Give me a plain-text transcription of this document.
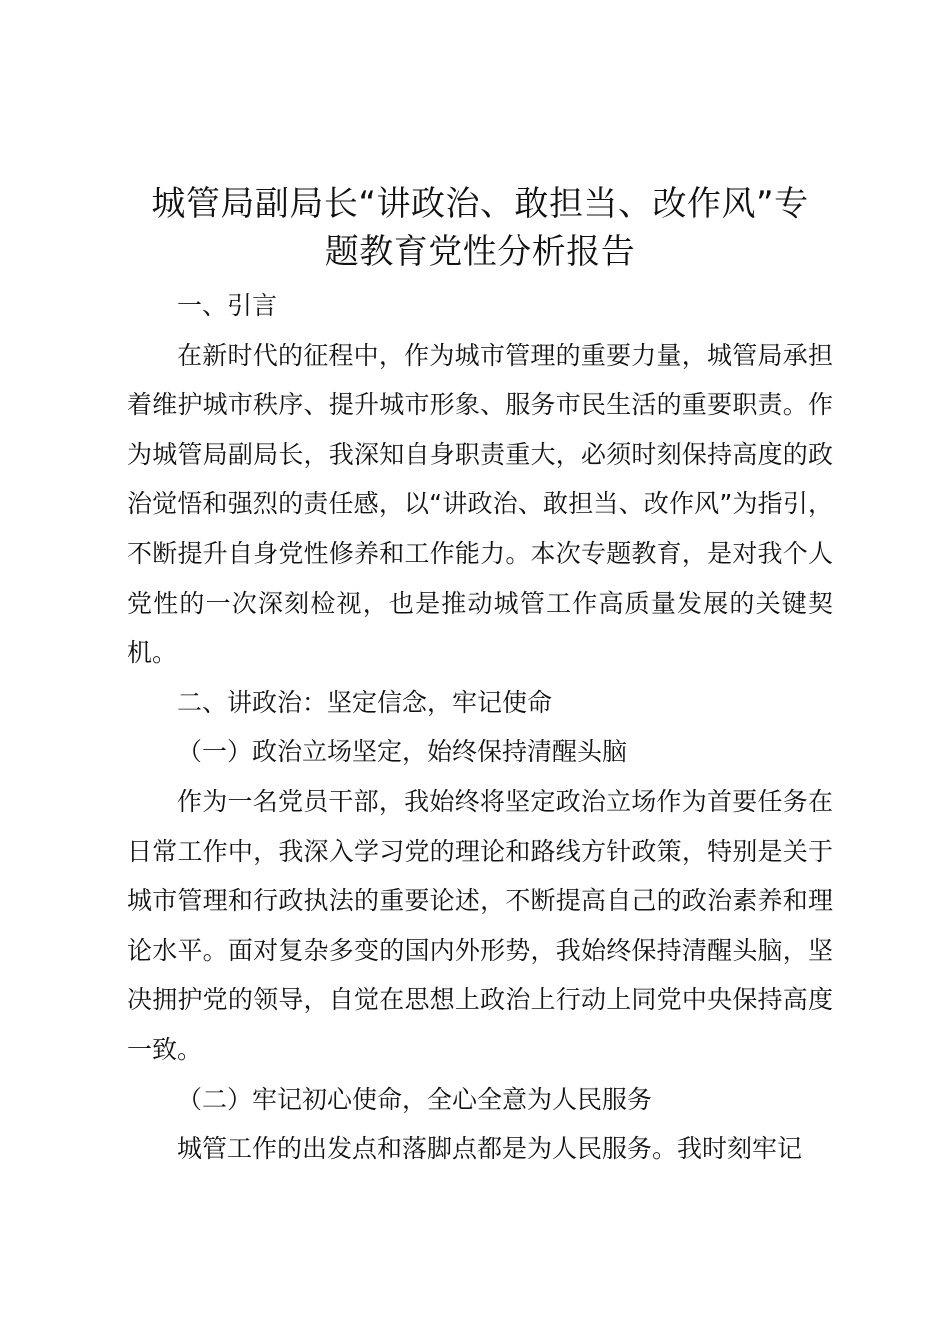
城管局副局长“讲政治、敢担当、改作风”专
题教育党性分析报告

一、引言

在新时代的征程中，作为城市管理的重要力量，城管局承担着维护城市秩序、提升城市形象、服务市民生活的重要职责。作为城管局副局长，我深知自身职责重大，必须时刻保持高度的政治觉悟和强烈的责任感，以“讲政治、敢担当、改作风”为指引，不断提升自身党性修养和工作能力。本次专题教育，是对我个人党性的一次深刻检视，也是推动城管工作高质量发展的关键契机。

二、讲政治：坚定信念，牢记使命

（一）政治立场坚定，始终保持清醒头脑

作为一名党员干部，我始终将坚定政治立场作为首要任务在日常工作中，我深入学习党的理论和路线方针政策，特别是关于城市管理和行政执法的重要论述，不断提高自己的政治素养和理论水平。面对复杂多变的国内外形势，我始终保持清醒头脑，坚决拥护党的领导，自觉在思想上政治上行动上同党中央保持高度一致。

（二）牢记初心使命，全心全意为人民服务

城管工作的出发点和落脚点都是为人民服务。我时刻牢记
